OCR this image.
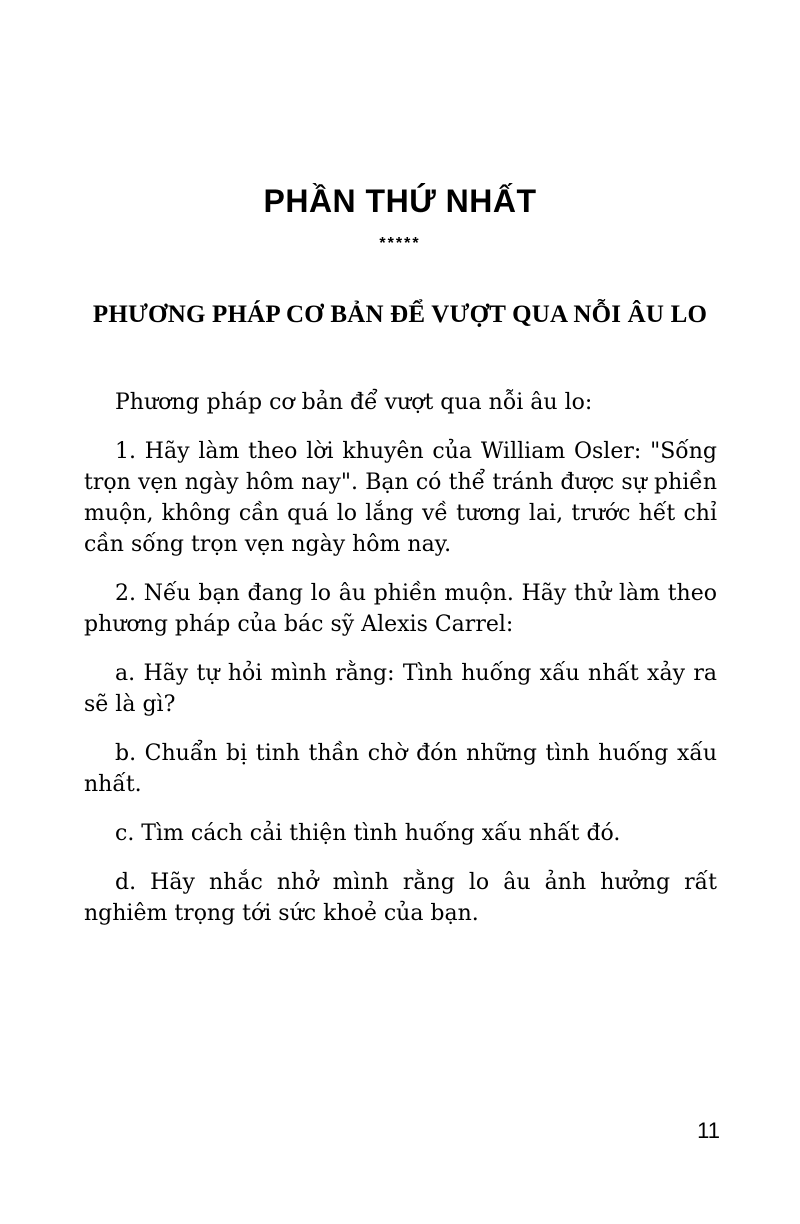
PHẦN THỨ NHẤT
*****
PHƯƠNG PHÁP CƠ BẢN ĐỂ VƯỢT QUA NỖI ÂU LO

Phương pháp cơ bản để vượt qua nỗi âu lo:

1. Hãy làm theo lời khuyên của William Osler: "Sống trọn vẹn ngày hôm nay". Bạn có thể tránh được sự phiền muộn, không cần quá lo lắng về tương lai, trước hết chỉ cần sống trọn vẹn ngày hôm nay.

2. Nếu bạn đang lo âu phiền muộn. Hãy thử làm theo phương pháp của bác sỹ Alexis Carrel:

a. Hãy tự hỏi mình rằng: Tình huống xấu nhất xảy ra sẽ là gì?

b. Chuẩn bị tinh thần chờ đón những tình huống xấu nhất.

c. Tìm cách cải thiện tình huống xấu nhất đó.

d. Hãy nhắc nhở mình rằng lo âu ảnh hưởng rất nghiêm trọng tới sức khoẻ của bạn.

11
